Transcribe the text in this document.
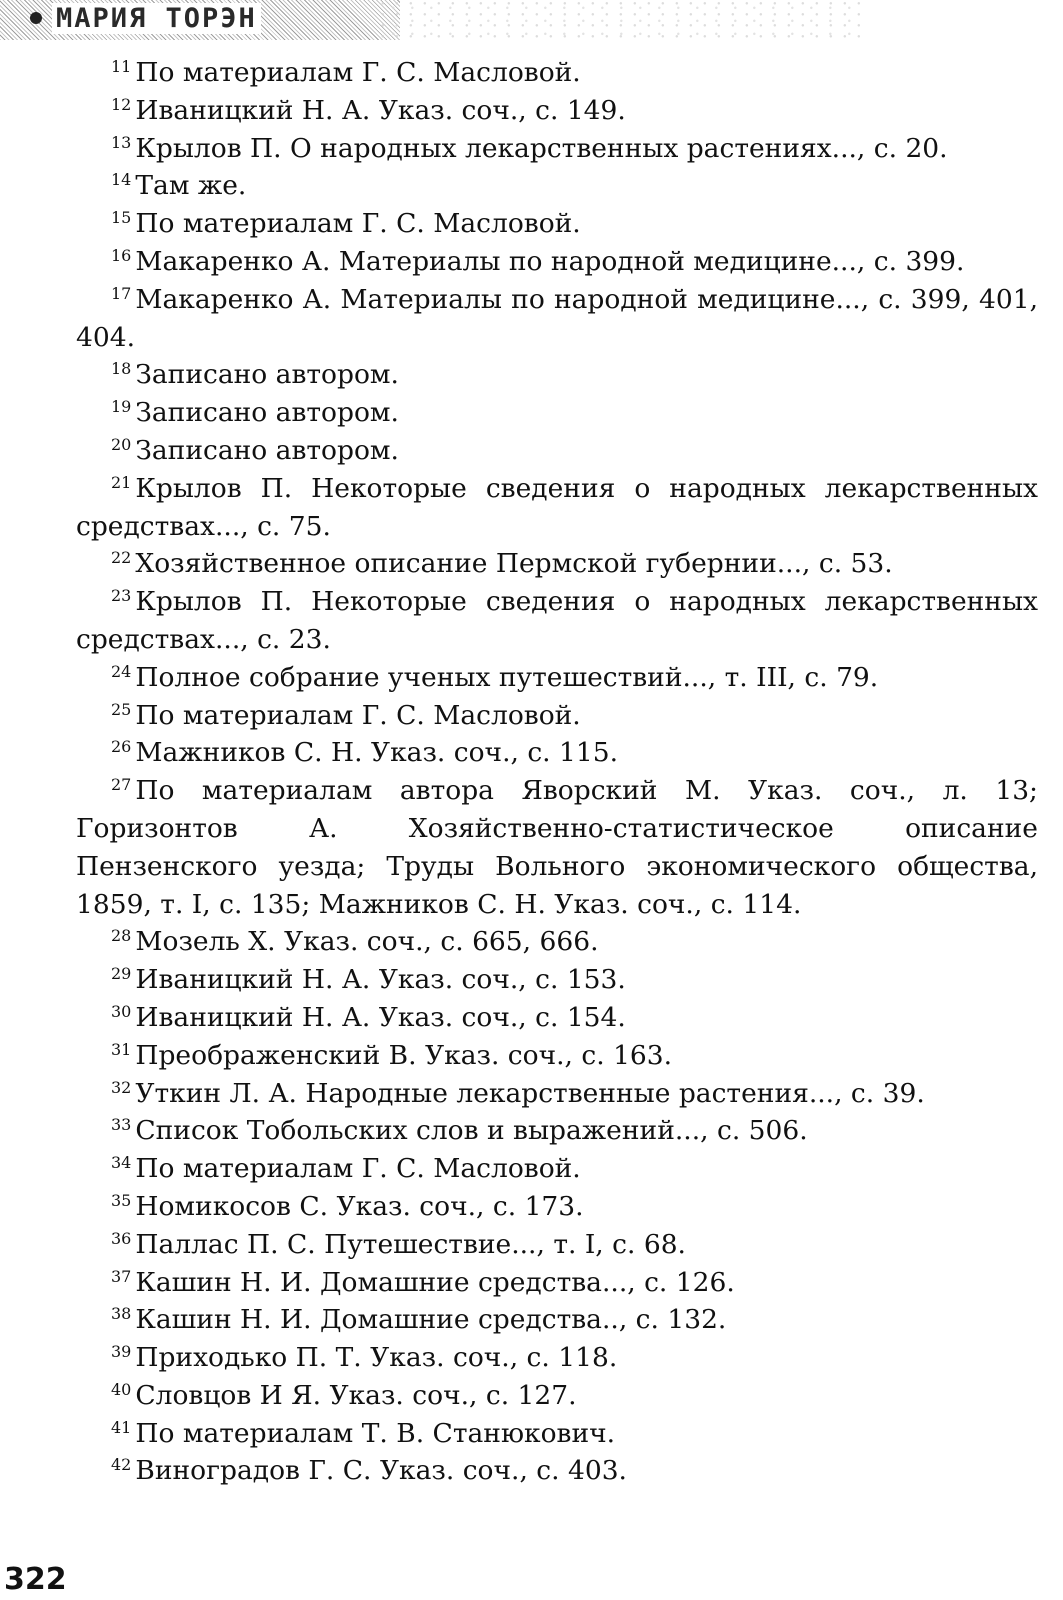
МАРИЯ ТОРЭН
$^{11}$ По материалам Г. С. Масловой.
$^{12}$ Иваницкий Н. А. Указ. соч., с. 149.
$^{13}$ Крылов П. О народных лекарственных растениях..., с. 20.
$^{14}$ Там же.
$^{15}$ По материалам Г. С. Масловой.
$^{16}$ Макаренко А. Материалы по народной медицине..., с. 399.
$^{17}$ Макаренко А. Материалы по народной медицине..., с. 399, 401, 404.
$^{18}$ Записано автором.
$^{19}$ Записано автором.
$^{20}$ Записано автором.
$^{21}$ Крылов П. Некоторые сведения о народных лекарственных средствах..., с. 75.
$^{22}$ Хозяйственное описание Пермской губернии..., с. 53.
$^{23}$ Крылов П. Некоторые сведения о народных лекарственных средствах..., с. 23.
$^{24}$ Полное собрание ученых путешествий..., т. III, с. 79.
$^{25}$ По материалам Г. С. Масловой.
$^{26}$ Мажников С. Н. Указ. соч., с. 115.
$^{27}$ По материалам автора Яворский М. Указ. соч., л. 13; Горизонтов А. Хозяйственно-статистическое описание Пензенского уезда; Труды Вольного экономического общества, 1859, т. I, с. 135; Мажников С. Н. Указ. соч., с. 114.
$^{28}$ Мозель X. Указ. соч., с. 665, 666.
$^{29}$ Иваницкий Н. А. Указ. соч., с. 153.
$^{30}$ Иваницкий Н. А. Указ. соч., с. 154.
$^{31}$ Преображенский В. Указ. соч., с. 163.
$^{32}$ Уткин Л. А. Народные лекарственные растения..., с. 39.
$^{33}$ Список Тобольских слов и выражений..., с. 506.
$^{34}$ По материалам Г. С. Масловой.
$^{35}$ Номикосов С. Указ. соч., с. 173.
$^{36}$ Паллас П. С. Путешествие..., т. I, с. 68.
$^{37}$ Кашин Н. И. Домашние средства..., с. 126.
$^{38}$ Кашин Н. И. Домашние средства.., с. 132.
$^{39}$ Приходько П. Т. Указ. соч., с. 118.
$^{40}$ Словцов И Я. Указ. соч., с. 127.
$^{41}$ По материалам Т. В. Станюкович.
$^{42}$ Виноградов Г. С. Указ. соч., с. 403.
322
